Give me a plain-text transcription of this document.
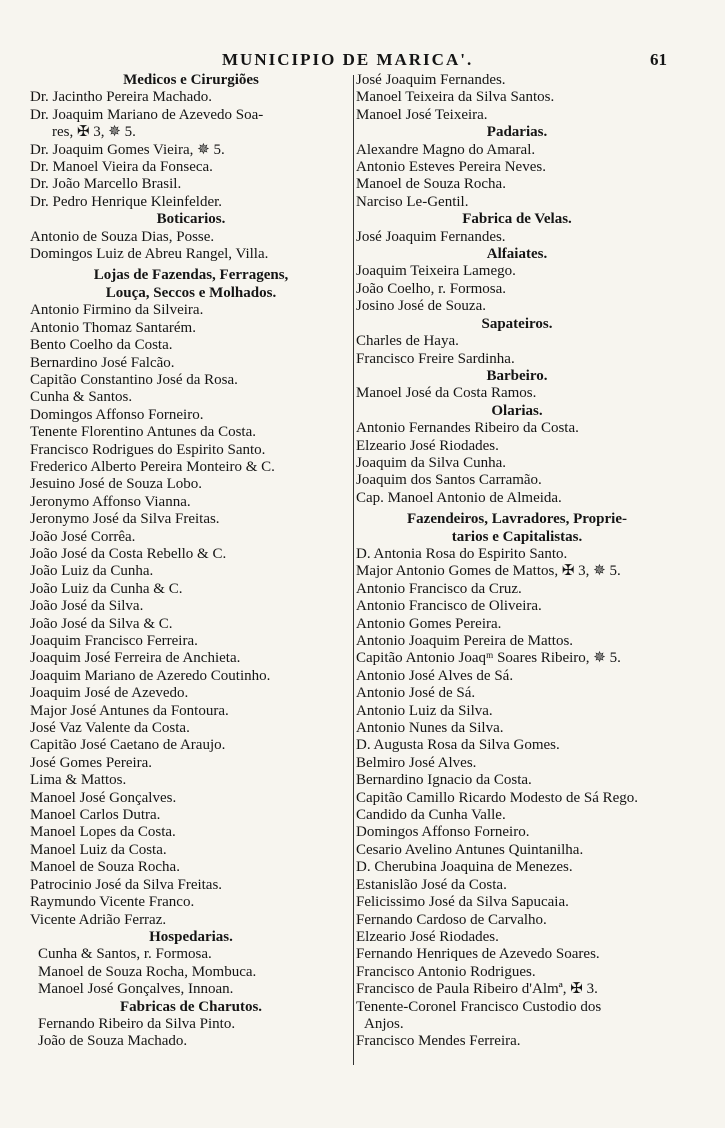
MUNICIPIO DE MARICA'.	61
Medicos e Cirurgiões
Dr. Jacintho Pereira Machado.
Dr. Joaquim Mariano de Azevedo Soa-
res, ✠ 3, ✵ 5.
Dr. Joaquim Gomes Vieira, ✵ 5.
Dr. Manoel Vieira da Fonseca.
Dr. João Marcello Brasil.
Dr. Pedro Henrique Kleinfelder.
Boticarios.
Antonio de Souza Dias, Posse.
Domingos Luiz de Abreu Rangel, Villa.
Lojas de Fazendas, Ferragens,
Louça, Seccos e Molhados.
Antonio Firmino da Silveira.
Antonio Thomaz Santarém.
Bento Coelho da Costa.
Bernardino José Falcão.
Capitão Constantino José da Rosa.
Cunha & Santos.
Domingos Affonso Forneiro.
Tenente Florentino Antunes da Costa.
Francisco Rodrigues do Espirito Santo.
Frederico Alberto Pereira Monteiro & C.
Jesuino José de Souza Lobo.
Jeronymo Affonso Vianna.
Jeronymo José da Silva Freitas.
João José Corrêa.
João José da Costa Rebello & C.
João Luiz da Cunha.
João Luiz da Cunha & C.
João José da Silva.
João José da Silva & C.
Joaquim Francisco Ferreira.
Joaquim José Ferreira de Anchieta.
Joaquim Mariano de Azeredo Coutinho.
Joaquim José de Azevedo.
Major José Antunes da Fontoura.
José Vaz Valente da Costa.
Capitão José Caetano de Araujo.
José Gomes Pereira.
Lima & Mattos.
Manoel José Gonçalves.
Manoel Carlos Dutra.
Manoel Lopes da Costa.
Manoel Luiz da Costa.
Manoel de Souza Rocha.
Patrocinio José da Silva Freitas.
Raymundo Vicente Franco.
Vicente Adrião Ferraz.
Hospedarias.
Cunha & Santos, r. Formosa.
Manoel de Souza Rocha, Mombuca.
Manoel José Gonçalves, Innoan.
Fabricas de Charutos.
Fernando Ribeiro da Silva Pinto.
João de Souza Machado.
José Joaquim Fernandes.
Manoel Teixeira da Silva Santos.
Manoel José Teixeira.
Padarias.
Alexandre Magno do Amaral.
Antonio Esteves Pereira Neves.
Manoel de Souza Rocha.
Narciso Le-Gentil.
Fabrica de Velas.
José Joaquim Fernandes.
Alfaiates.
Joaquim Teixeira Lamego.
João Coelho, r. Formosa.
Josino José de Souza.
Sapateiros.
Charles de Haya.
Francisco Freire Sardinha.
Barbeiro.
Manoel José da Costa Ramos.
Olarias.
Antonio Fernandes Ribeiro da Costa.
Elzeario José Riodades.
Joaquim da Silva Cunha.
Joaquim dos Santos Carramão.
Cap. Manoel Antonio de Almeida.
Fazendeiros, Lavradores, Proprie-
tarios e Capitalistas.
D. Antonia Rosa do Espirito Santo.
Major Antonio Gomes de Mattos, ✠ 3, ✵ 5.
Antonio Francisco da Cruz.
Antonio Francisco de Oliveira.
Antonio Gomes Pereira.
Antonio Joaquim Pereira de Mattos.
Capitão Antonio Joaqᵐ Soares Ribeiro, ✵ 5.
Antonio José Alves de Sá.
Antonio José de Sá.
Antonio Luiz da Silva.
Antonio Nunes da Silva.
D. Augusta Rosa da Silva Gomes.
Belmiro José Alves.
Bernardino Ignacio da Costa.
Capitão Camillo Ricardo Modesto de Sá Rego.
Candido da Cunha Valle.
Domingos Affonso Forneiro.
Cesario Avelino Antunes Quintanilha.
D. Cherubina Joaquina de Menezes.
Estanislão José da Costa.
Felicissimo José da Silva Sapucaia.
Fernando Cardoso de Carvalho.
Elzeario José Riodades.
Fernando Henriques de Azevedo Soares.
Francisco Antonio Rodrigues.
Francisco de Paula Ribeiro d'Almª, ✠ 3.
Tenente-Coronel Francisco Custodio dos
Anjos.
Francisco Mendes Ferreira.
